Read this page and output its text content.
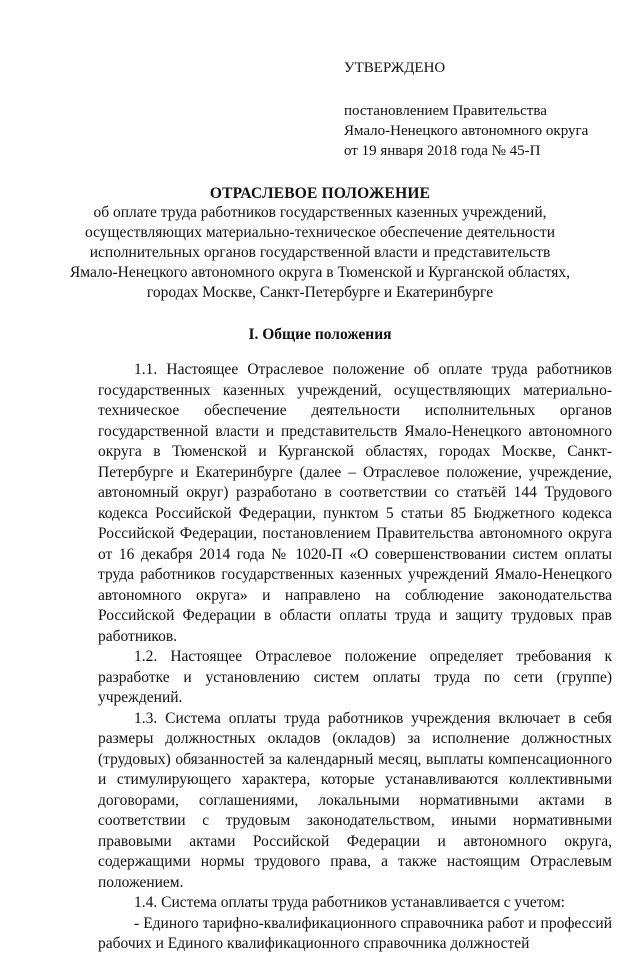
УТВЕРЖДЕНО
постановлением Правительства
Ямало-Ненецкого автономного округа
от 19 января 2018 года № 45-П
ОТРАСЛЕВОЕ ПОЛОЖЕНИЕ
об оплате труда работников государственных казенных учреждений,
осуществляющих материально-техническое обеспечение деятельности
исполнительных органов государственной власти и представительств
Ямало-Ненецкого автономного округа в Тюменской и Курганской областях,
городах Москве, Санкт-Петербурге и Екатеринбурге
I. Общие положения

1.1. Настоящее Отраслевое положение об оплате труда работников государственных казенных учреждений, осуществляющих материально-техническое обеспечение деятельности исполнительных органов государственной власти и представительств Ямало-Ненецкого автономного округа в Тюменской и Курганской областях, городах Москве, Санкт-Петербурге и Екатеринбурге (далее – Отраслевое положение, учреждение, автономный округ) разработано в соответствии со статьёй 144 Трудового кодекса Российской Федерации, пунктом 5 статьи 85 Бюджетного кодекса Российской Федерации, постановлением Правительства автономного округа от 16 декабря 2014 года № 1020-П «О совершенствовании систем оплаты труда работников государственных казенных учреждений Ямало-Ненецкого автономного округа» и направлено на соблюдение законодательства Российской Федерации в области оплаты труда и защиту трудовых прав работников.

1.2. Настоящее Отраслевое положение определяет требования к разработке и установлению систем оплаты труда по сети (группе) учреждений.

1.3. Система оплаты труда работников учреждения включает в себя размеры должностных окладов (окладов) за исполнение должностных (трудовых) обязанностей за календарный месяц, выплаты компенсационного и стимулирующего характера, которые устанавливаются коллективными договорами, соглашениями, локальными нормативными актами в соответствии с трудовым законодательством, иными нормативными правовыми актами Российской Федерации и автономного округа, содержащими нормы трудового права, а также настоящим Отраслевым положением.

1.4. Система оплаты труда работников устанавливается с учетом:

- Единого тарифно-квалификационного справочника работ и профессий рабочих и Единого квалификационного справочника должностей
